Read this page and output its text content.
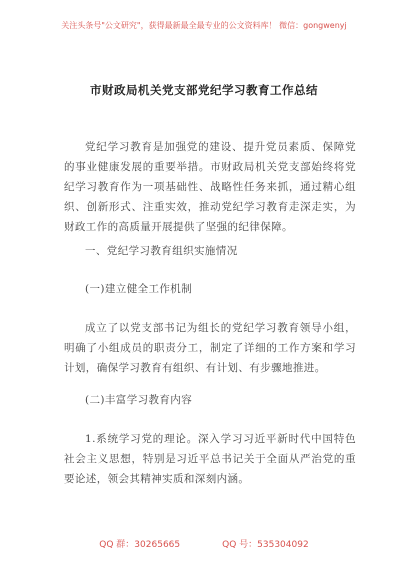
关注头条号"公文研究"，获得最新最全最专业的公文资料库！ 微信：gongwenyj
市财政局机关党支部党纪学习教育工作总结

党纪学习教育是加强党的建设、提升党员素质、保障党的事业健康发展的重要举措。市财政局机关党支部始终将党纪学习教育作为一项基础性、战略性任务来抓，通过精心组织、创新形式、注重实效，推动党纪学习教育走深走实，为财政工作的高质量开展提供了坚强的纪律保障。

一、党纪学习教育组织实施情况

(一)建立健全工作机制

成立了以党支部书记为组长的党纪学习教育领导小组，明确了小组成员的职责分工，制定了详细的工作方案和学习计划，确保学习教育有组织、有计划、有步骤地推进。

(二)丰富学习教育内容

1.系统学习党的理论。深入学习习近平新时代中国特色社会主义思想，特别是习近平总书记关于全面从严治党的重要论述，领会其精神实质和深刻内涵。

QQ 群：30265665	QQ 号：535304092
